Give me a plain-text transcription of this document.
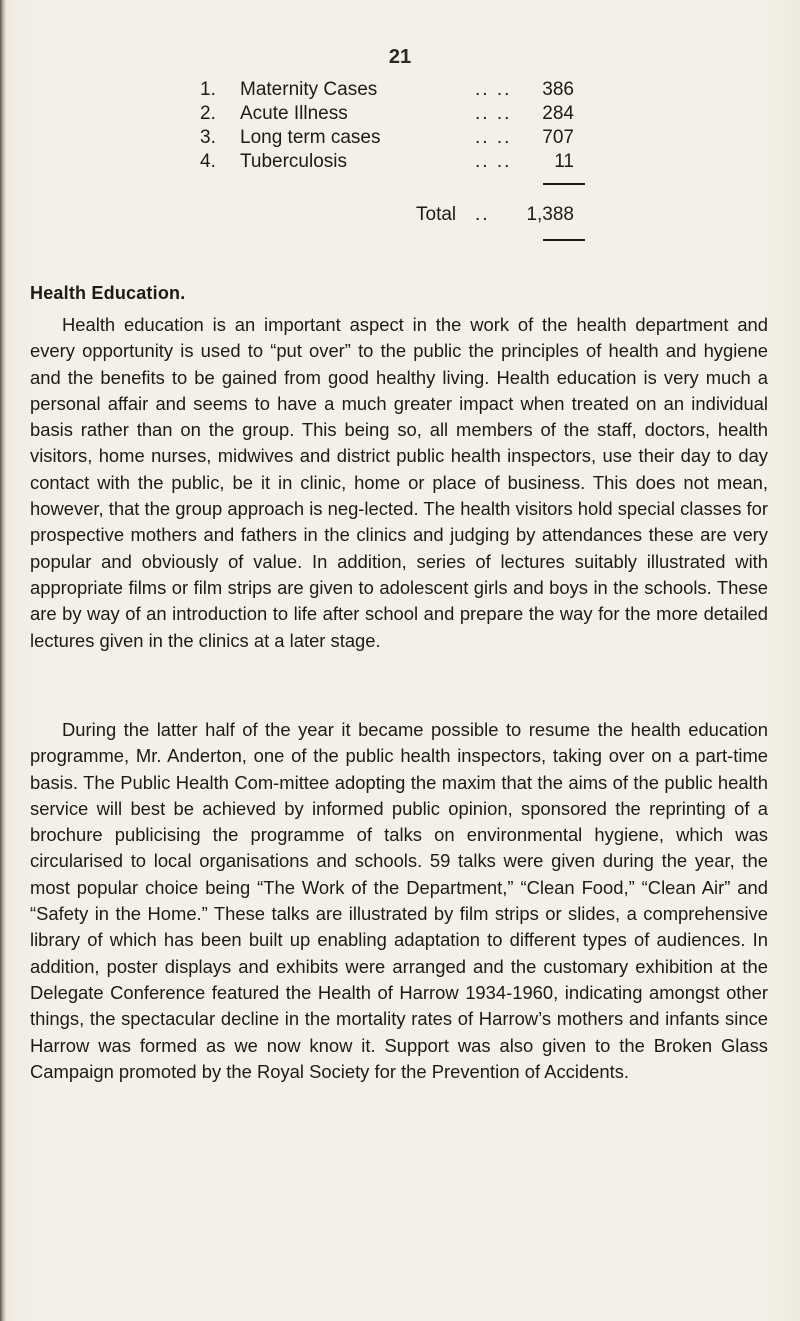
21
1. Maternity Cases	.. .. 386
2. Acute Illness	.. .. 284
3. Long term cases	.. .. 707
4. Tuberculosis	.. .. 11
Total .. 1,388
Health Education.

Health education is an important aspect in the work of the health department and every opportunity is used to “put over” to the public the principles of health and hygiene and the benefits to be gained from good healthy living. Health education is very much a personal affair and seems to have a much greater impact when treated on an individual basis rather than on the group. This being so, all members of the staff, doctors, health visitors, home nurses, midwives and district public health inspectors, use their day to day contact with the public, be it in clinic, home or place of business. This does not mean, however, that the group approach is neg-lected. The health visitors hold special classes for prospective mothers and fathers in the clinics and judging by attendances these are very popular and obviously of value. In addition, series of lectures suitably illustrated with appropriate films or film strips are given to adolescent girls and boys in the schools. These are by way of an introduction to life after school and prepare the way for the more detailed lectures given in the clinics at a later stage.

During the latter half of the year it became possible to resume the health education programme, Mr. Anderton, one of the public health inspectors, taking over on a part-time basis. The Public Health Com-mittee adopting the maxim that the aims of the public health service will best be achieved by informed public opinion, sponsored the reprinting of a brochure publicising the programme of talks on environmental hygiene, which was circularised to local organisations and schools. 59 talks were given during the year, the most popular choice being “The Work of the Department,” “Clean Food,” “Clean Air” and “Safety in the Home.” These talks are illustrated by film strips or slides, a comprehensive library of which has been built up enabling adaptation to different types of audiences. In addition, poster displays and exhibits were arranged and the customary exhibition at the Delegate Conference featured the Health of Harrow 1934-1960, indicating amongst other things, the spectacular decline in the mortality rates of Harrow’s mothers and infants since Harrow was formed as we now know it. Support was also given to the Broken Glass Campaign promoted by the Royal Society for the Prevention of Accidents.
